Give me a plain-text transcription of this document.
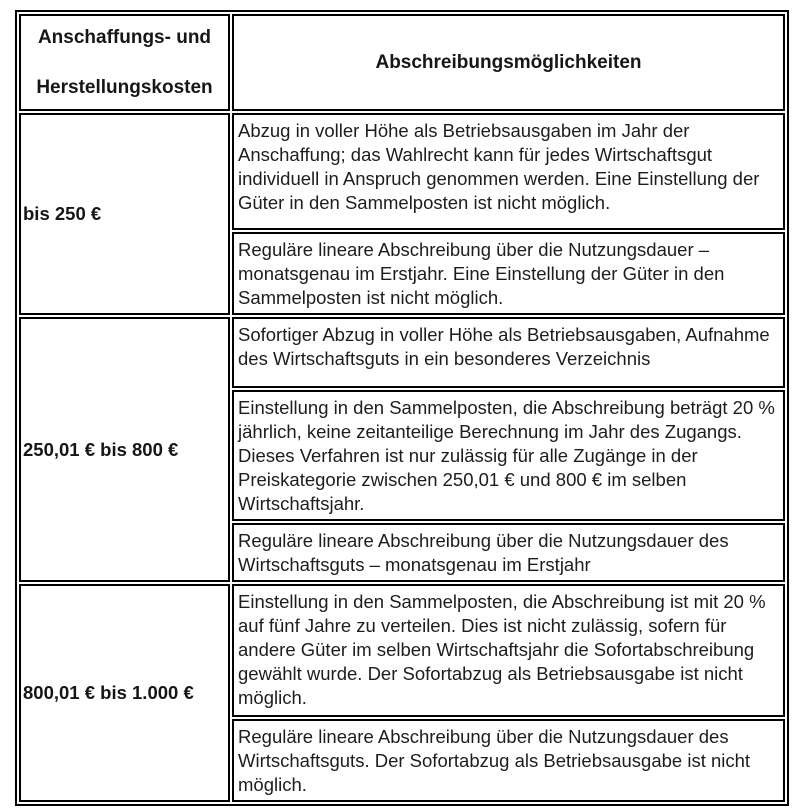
Anschaffungs- und
Herstellungskosten	Abschreibungsmöglichkeiten
bis 250 €	Abzug in voller Höhe als Betriebsausgaben im Jahr der Anschaffung; das Wahlrecht kann für jedes Wirtschaftsgut individuell in Anspruch genommen werden. Eine Einstellung der Güter in den Sammelposten ist nicht möglich.
	Reguläre lineare Abschreibung über die Nutzungsdauer – monatsgenau im Erstjahr. Eine Einstellung der Güter in den Sammelposten ist nicht möglich.
250,01 € bis 800 €	Sofortiger Abzug in voller Höhe als Betriebsausgaben, Aufnahme des Wirtschaftsguts in ein besonderes Verzeichnis
	Einstellung in den Sammelposten, die Abschreibung beträgt 20 % jährlich, keine zeitanteilige Berechnung im Jahr des Zugangs. Dieses Verfahren ist nur zulässig für alle Zugänge in der Preiskategorie zwischen 250,01 € und 800 € im selben Wirtschaftsjahr.
	Reguläre lineare Abschreibung über die Nutzungsdauer des Wirtschaftsguts – monatsgenau im Erstjahr
800,01 € bis 1.000 €	Einstellung in den Sammelposten, die Abschreibung ist mit 20 % auf fünf Jahre zu verteilen. Dies ist nicht zulässig, sofern für andere Güter im selben Wirtschaftsjahr die Sofortabschreibung gewählt wurde. Der Sofortabzug als Betriebsausgabe ist nicht möglich.
	Reguläre lineare Abschreibung über die Nutzungsdauer des Wirtschaftsguts. Der Sofortabzug als Betriebsausgabe ist nicht möglich.
